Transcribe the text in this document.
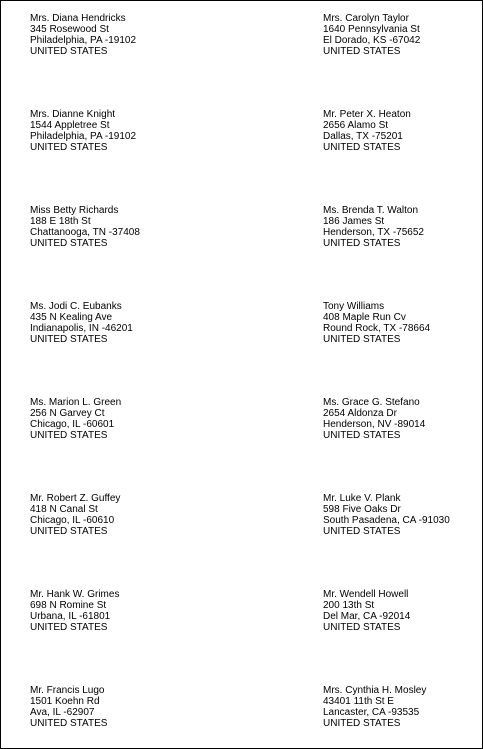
Mrs. Diana Hendricks
345 Rosewood St
Philadelphia, PA -19102
UNITED STATES
Mrs. Carolyn Taylor
1640 Pennsylvania St
El Dorado, KS -67042
UNITED STATES
Mrs. Dianne Knight
1544 Appletree St
Philadelphia, PA -19102
UNITED STATES
Mr. Peter X. Heaton
2656 Alamo St
Dallas, TX -75201
UNITED STATES
Miss Betty Richards
188 E 18th St
Chattanooga, TN -37408
UNITED STATES
Ms. Brenda T. Walton
186 James St
Henderson, TX -75652
UNITED STATES
Ms. Jodi C. Eubanks
435 N Kealing Ave
Indianapolis, IN -46201
UNITED STATES
Tony Williams
408 Maple Run Cv
Round Rock, TX -78664
UNITED STATES
Ms. Marion L. Green
256 N Garvey Ct
Chicago, IL -60601
UNITED STATES
Ms. Grace G. Stefano
2654 Aldonza Dr
Henderson, NV -89014
UNITED STATES
Mr. Robert Z. Guffey
418 N Canal St
Chicago, IL -60610
UNITED STATES
Mr. Luke V. Plank
598 Five Oaks Dr
South Pasadena, CA -91030
UNITED STATES
Mr. Hank W. Grimes
698 N Romine St
Urbana, IL -61801
UNITED STATES
Mr. Wendell Howell
200 13th St
Del Mar, CA -92014
UNITED STATES
Mr. Francis Lugo
1501 Koehn Rd
Ava, IL -62907
UNITED STATES
Mrs. Cynthia H. Mosley
43401 11th St E
Lancaster, CA -93535
UNITED STATES
